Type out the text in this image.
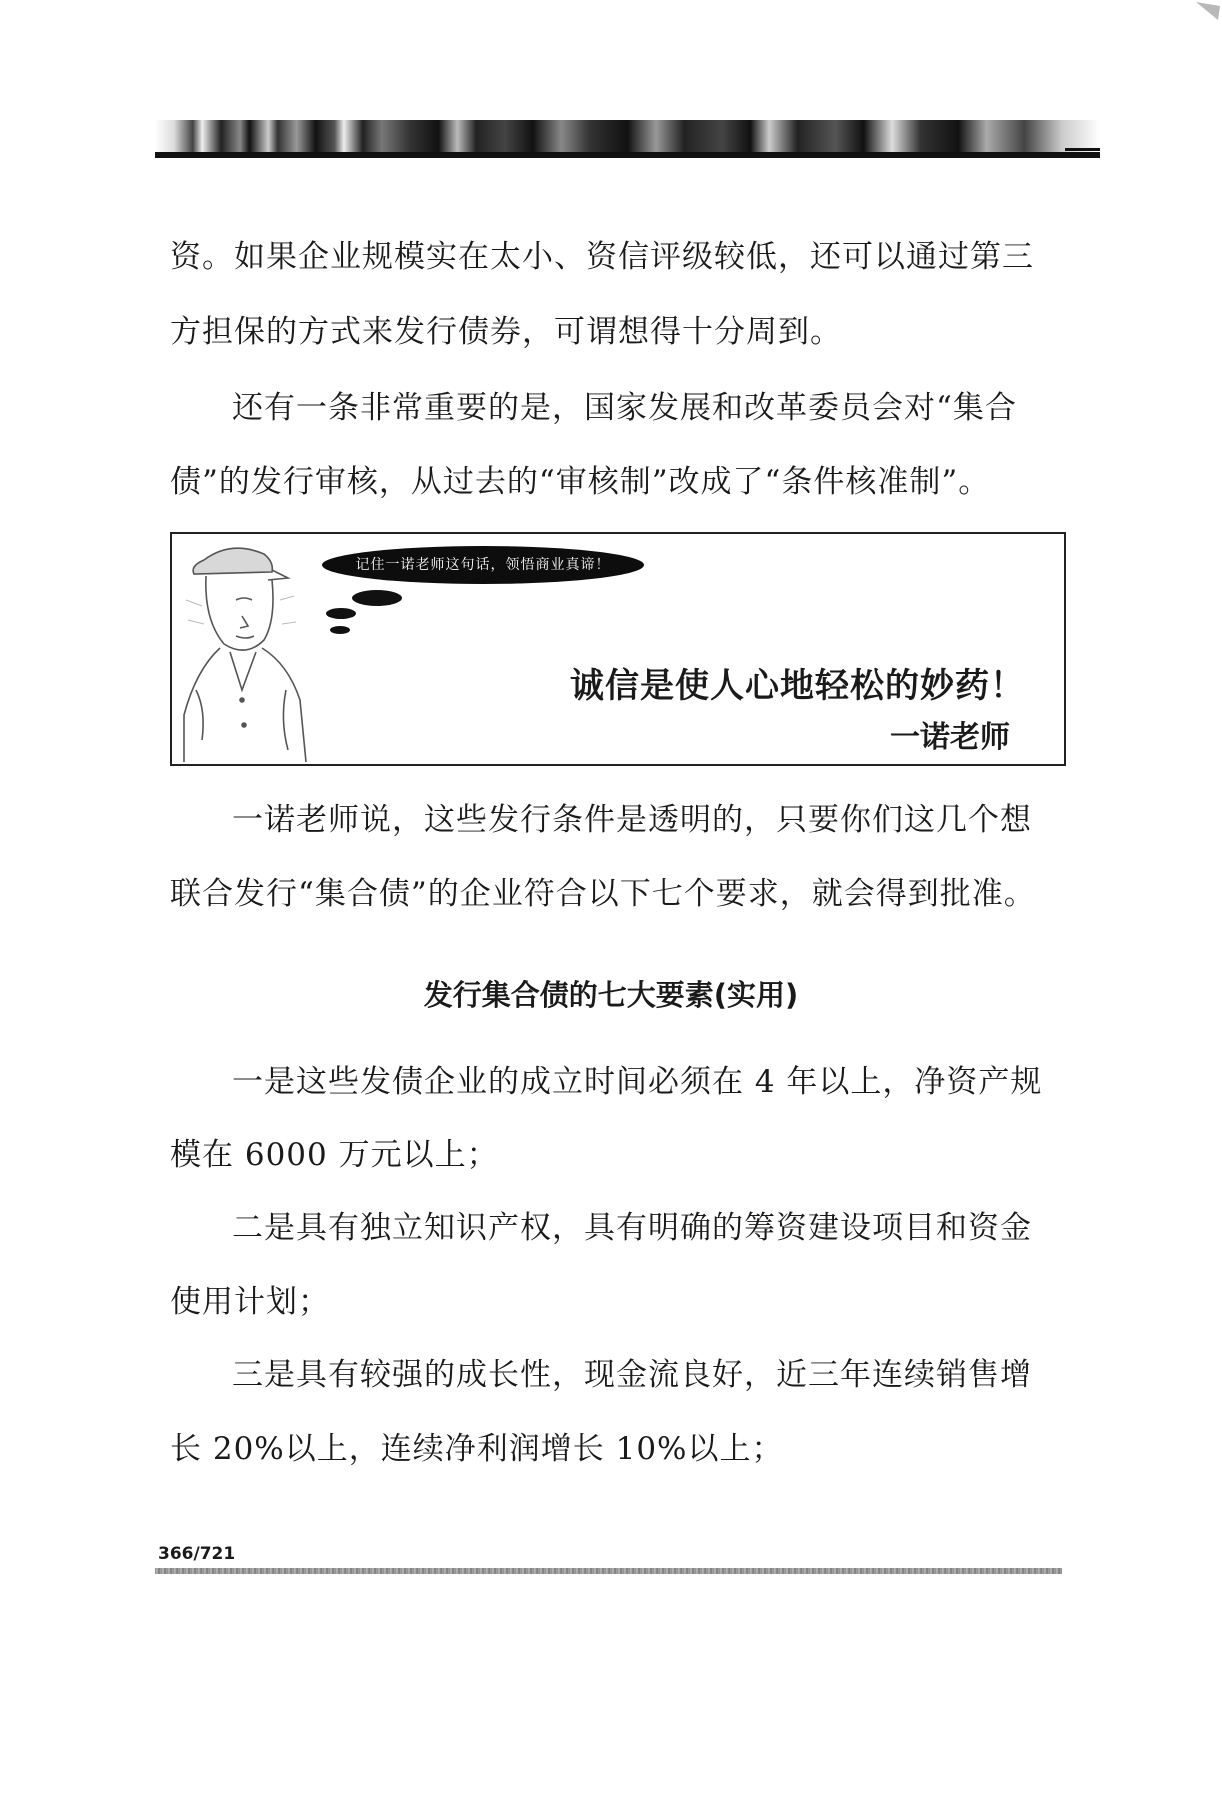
资。如果企业规模实在太小、资信评级较低，还可以通过第三
方担保的方式来发行债券，可谓想得十分周到。
还有一条非常重要的是，国家发展和改革委员会对“集合
债”的发行审核，从过去的“审核制”改成了“条件核准制”。
记住一诺老师这句话，领悟商业真谛！
诚信是使人心地轻松的妙药！
一诺老师
一诺老师说，这些发行条件是透明的，只要你们这几个想
联合发行“集合债”的企业符合以下七个要求，就会得到批准。
发行集合债的七大要素(实用)
一是这些发债企业的成立时间必须在 4 年以上，净资产规
模在 6000 万元以上；
二是具有独立知识产权，具有明确的筹资建设项目和资金
使用计划；
三是具有较强的成长性，现金流良好，近三年连续销售增
长 20%以上，连续净利润增长 10%以上；
366/721
